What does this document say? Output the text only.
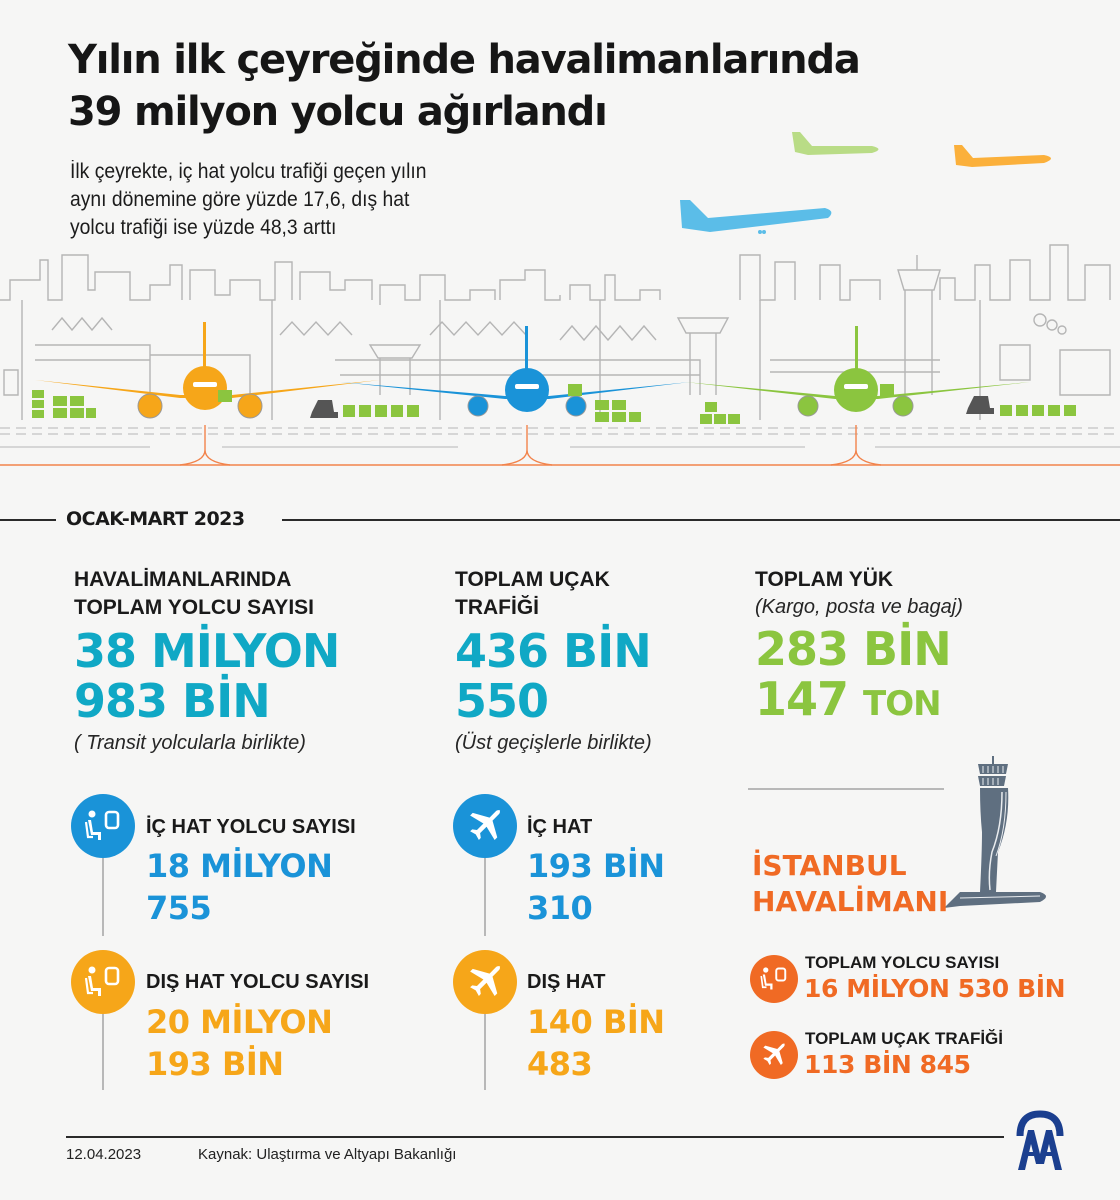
Yılın ilk çeyreğinde havalimanlarında
39 milyon yolcu ağırlandı
İlk çeyrekte, iç hat yolcu trafiği geçen yılın
aynı dönemine göre yüzde 17,6, dış hat
yolcu trafiği ise yüzde 48,3 arttı
OCAK-MART 2023
HAVALİMANLARINDA
TOPLAM YOLCU SAYISI
38 MİLYON
983 BİN
( Transit yolcularla birlikte)
İÇ HAT YOLCU SAYISI
18 MİLYON
755
DIŞ HAT YOLCU SAYISI
20 MİLYON
193 BİN
TOPLAM UÇAK
TRAFİĞİ
436 BİN
550
(Üst geçişlerle birlikte)
İÇ HAT
193 BİN
310
DIŞ HAT
140 BİN
483
TOPLAM YÜK
(Kargo, posta ve bagaj)
283 BİN
147 TON
İSTANBUL
HAVALİMANI
TOPLAM YOLCU SAYISI
16 MİLYON 530 BİN
TOPLAM UÇAK TRAFİĞİ
113 BİN 845
12.04.2023	Kaynak: Ulaştırma ve Altyapı Bakanlığı
